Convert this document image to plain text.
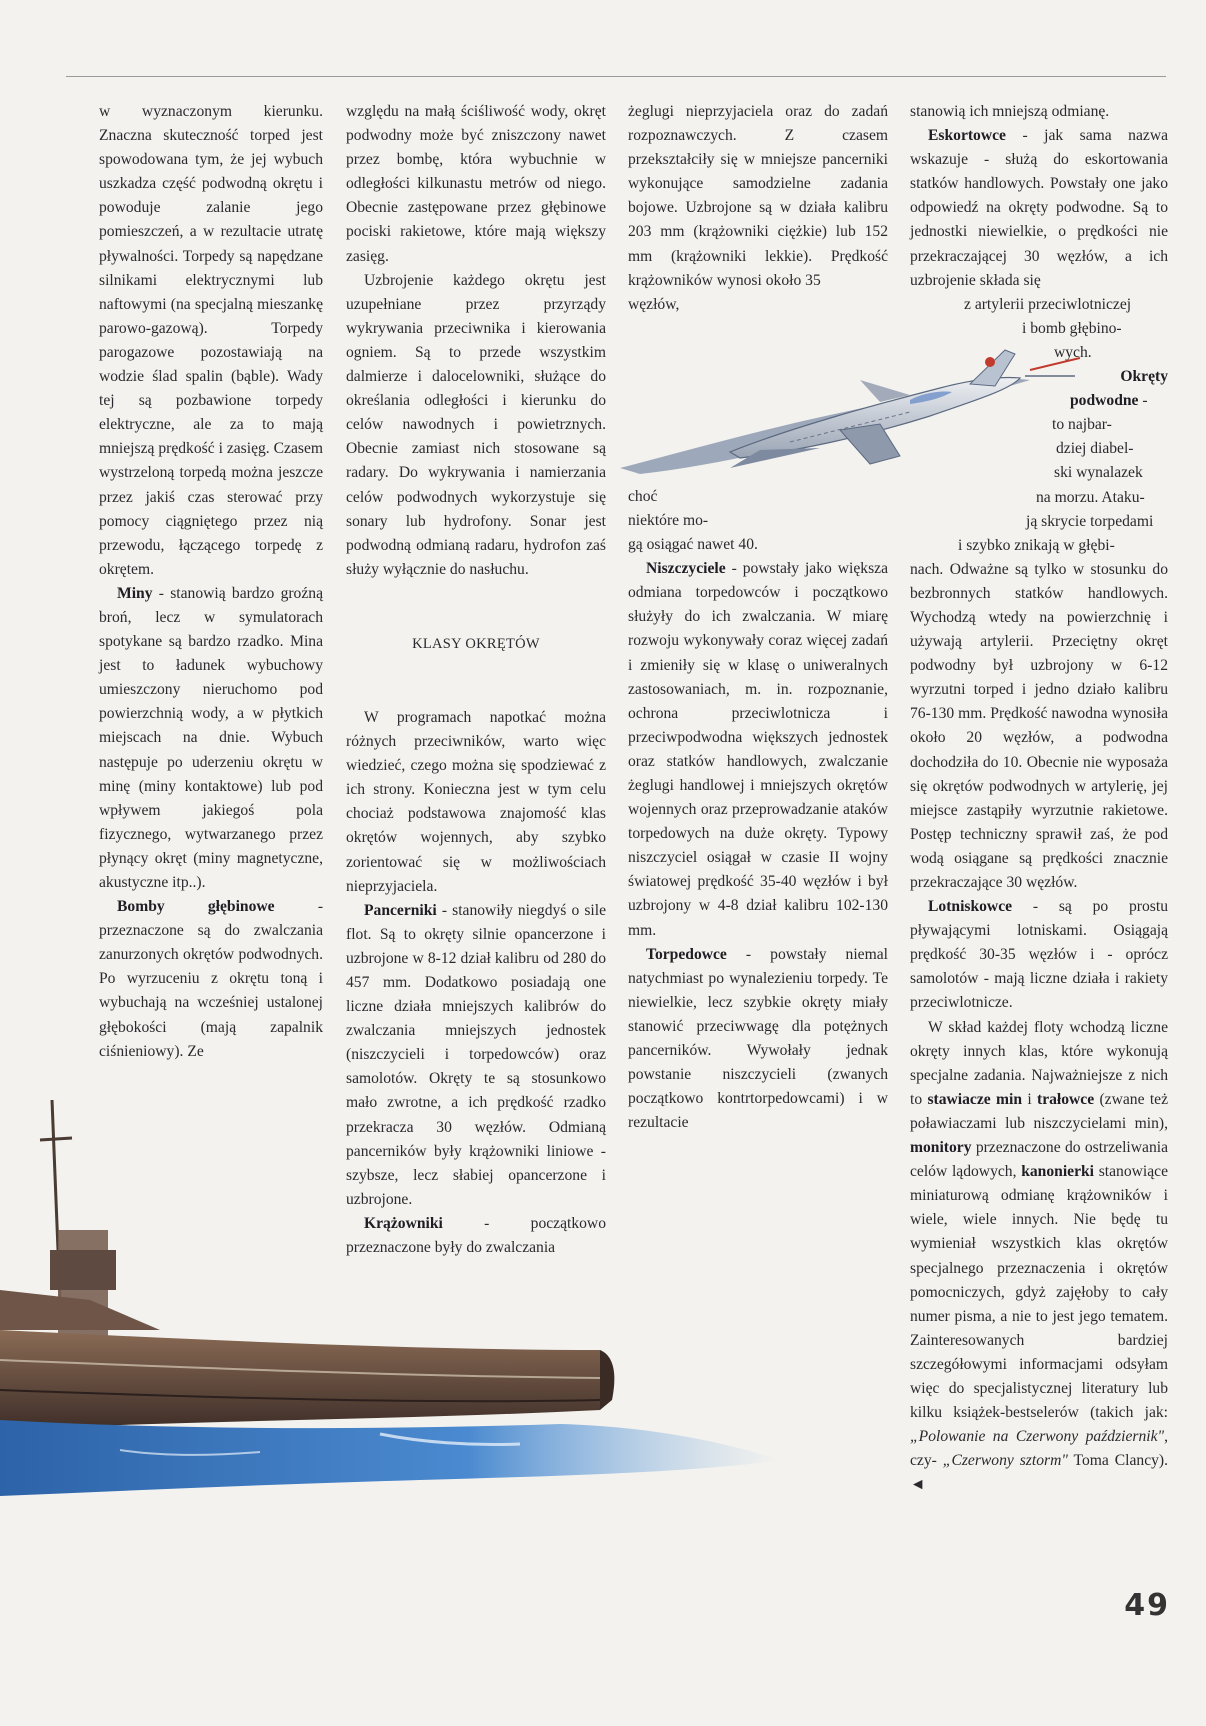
w wyznaczonym kierunku. Znaczna skuteczność torped jest spowodowana tym, że jej wybuch uszkadza część podwodną okrętu i powoduje zalanie jego pomieszczeń, a w rezultacie utratę pływalności. Torpedy są napędzane silnikami elektrycznymi lub naftowymi (na specjalną mieszankę parowo-gazową). Torpedy parogazowe pozostawiają na wodzie ślad spalin (bąble). Wady tej są pozbawione torpedy elektryczne, ale za to mają mniejszą prędkość i zasięg. Czasem wystrzeloną torpedą można jeszcze przez jakiś czas sterować przy pomocy ciągniętego przez nią przewodu, łączącego torpedę z okrętem.

Miny - stanowią bardzo groźną broń, lecz w symulatorach spotykane są bardzo rzadko. Mina jest to ładunek wybuchowy umieszczony nieruchomo pod powierzchnią wody, a w płytkich miejscach na dnie. Wybuch następuje po uderzeniu okrętu w minę (miny kontaktowe) lub pod wpływem jakiegoś pola fizycznego, wytwarzanego przez płynący okręt (miny magnetyczne, akustyczne itp..).

Bomby głębinowe - przeznaczone są do zwalczania zanurzonych okrętów podwodnych. Po wyrzuceniu z okrętu toną i wybuchają na wcześniej ustalonej głębokości (mają zapalnik ciśnieniowy). Ze

względu na małą ściśliwość wody, okręt podwodny może być zniszczony nawet przez bombę, która wybuchnie w odległości kilkunastu metrów od niego. Obecnie zastępowane przez głębinowe pociski rakietowe, które mają większy zasięg.

Uzbrojenie każdego okrętu jest uzupełniane przez przyrządy wykrywania przeciwnika i kierowania ogniem. Są to przede wszystkim dalmierze i dalocelowniki, służące do określania odległości i kierunku do celów nawodnych i powietrznych. Obecnie zamiast nich stosowane są radary. Do wykrywania i namierzania celów podwodnych wykorzystuje się sonary lub hydrofony. Sonar jest podwodną odmianą radaru, hydrofon zaś służy wyłącznie do nasłuchu.

KLASY OKRĘTÓW

W programach napotkać można różnych przeciwników, warto więc wiedzieć, czego można się spodziewać z ich strony. Konieczna jest w tym celu chociaż podstawowa znajomość klas okrętów wojennych, aby szybko zorientować się w możliwościach nieprzyjaciela.

Pancerniki - stanowiły niegdyś o sile flot. Są to okręty silnie opancerzone i uzbrojone w 8-12 dział kalibru od 280 do 457 mm. Dodatkowo posiadają one liczne działa mniejszych kalibrów do zwalczania mniejszych jednostek (niszczycieli i torpedowców) oraz samolotów. Okręty te są stosunkowo mało zwrotne, a ich prędkość rzadko przekracza 30 węzłów. Odmianą pancerników były krążowniki liniowe - szybsze, lecz słabiej opancerzone i uzbrojone.

Krążowniki - początkowo przeznaczone były do zwalczania

żeglugi nieprzyjaciela oraz do zadań rozpoznawczych. Z czasem przekształciły się w mniejsze pancerniki wykonujące samodzielne zadania bojowe. Uzbrojone są w działa kalibru 203 mm (krążowniki ciężkie) lub 152 mm (krążowniki lekkie). Prędkość krążowników wynosi około 35

węzłów,

choć

niektóre mo-

gą osiągać nawet 40.

Niszczyciele - powstały jako większa odmiana torpedowców i początkowo służyły do ich zwalczania. W miarę rozwoju wykonywały coraz więcej zadań i zmieniły się w klasę o uniweralnych zastosowaniach, m. in. rozpoznanie, ochrona przeciwlotnicza i przeciwpodwodna większych jednostek oraz statków handlowych, zwalczanie żeglugi handlowej i mniejszych okrętów wojennych oraz przeprowadzanie ataków torpedowych na duże okręty. Typowy niszczyciel osiągał w czasie II wojny światowej prędkość 35-40 węzłów i był uzbrojony w 4-8 dział kalibru 102-130 mm.

Torpedowce - powstały niemal natychmiast po wynalezieniu torpedy. Te niewielkie, lecz szybkie okręty miały stanowić przeciwwagę dla potężnych pancerników. Wywołały jednak powstanie niszczycieli (zwanych początkowo kontrtorpedowcami) i w rezultacie

stanowią ich mniejszą odmianę.

Eskortowce - jak sama nazwa wskazuje - służą do eskortowania statków handlowych. Powstały one jako odpowiedź na okręty podwodne. Są to jednostki niewielkie, o prędkości nie przekraczającej 30 węzłów, a ich uzbrojenie składa się

z artylerii przeciwlotniczej

i bomb głębino-

wych.

Okręty

podwodne -

to najbar-

dziej diabel-

ski wynalazek

na morzu. Ataku-

ją skrycie torpedami

i szybko znikają w głębi-

nach. Odważne są tylko w stosunku do bezbronnych statków handlowych. Wychodzą wtedy na powierzchnię i używają artylerii. Przeciętny okręt podwodny był uzbrojony w 6-12 wyrzutni torped i jedno działo kalibru 76-130 mm. Prędkość nawodna wynosiła około 20 węzłów, a podwodna dochodziła do 10. Obecnie nie wyposaża się okrętów podwodnych w artylerię, jej miejsce zastąpiły wyrzutnie rakietowe. Postęp techniczny sprawił zaś, że pod wodą osiągane są prędkości znacznie przekraczające 30 węzłów.

Lotniskowce - są po prostu pływającymi lotniskami. Osiągają prędkość 30-35 węzłów i - oprócz samolotów - mają liczne działa i rakiety przeciwlotnicze.

W skład każdej floty wchodzą liczne okręty innych klas, które wykonują specjalne zadania. Najważniejsze z nich to stawiacze min i trałowce (zwane też poławiaczami lub niszczycielami min), monitory przeznaczone do ostrzeliwania celów lądowych, kanonierki stanowiące miniaturową odmianę krążowników i wiele, wiele innych. Nie będę tu wymieniał wszystkich klas okrętów specjalnego przeznaczenia i okrętów pomocniczych, gdyż zajęłoby to cały numer pisma, a nie to jest jego tematem. Zainteresowanych bardziej szczegółowymi informacjami odsyłam więc do specjalistycznej literatury lub kilku książek-bestselerów (takich jak: „Polowanie na Czerwony październik", czy- „Czerwony sztorm" Toma Clancy). ◄

49
